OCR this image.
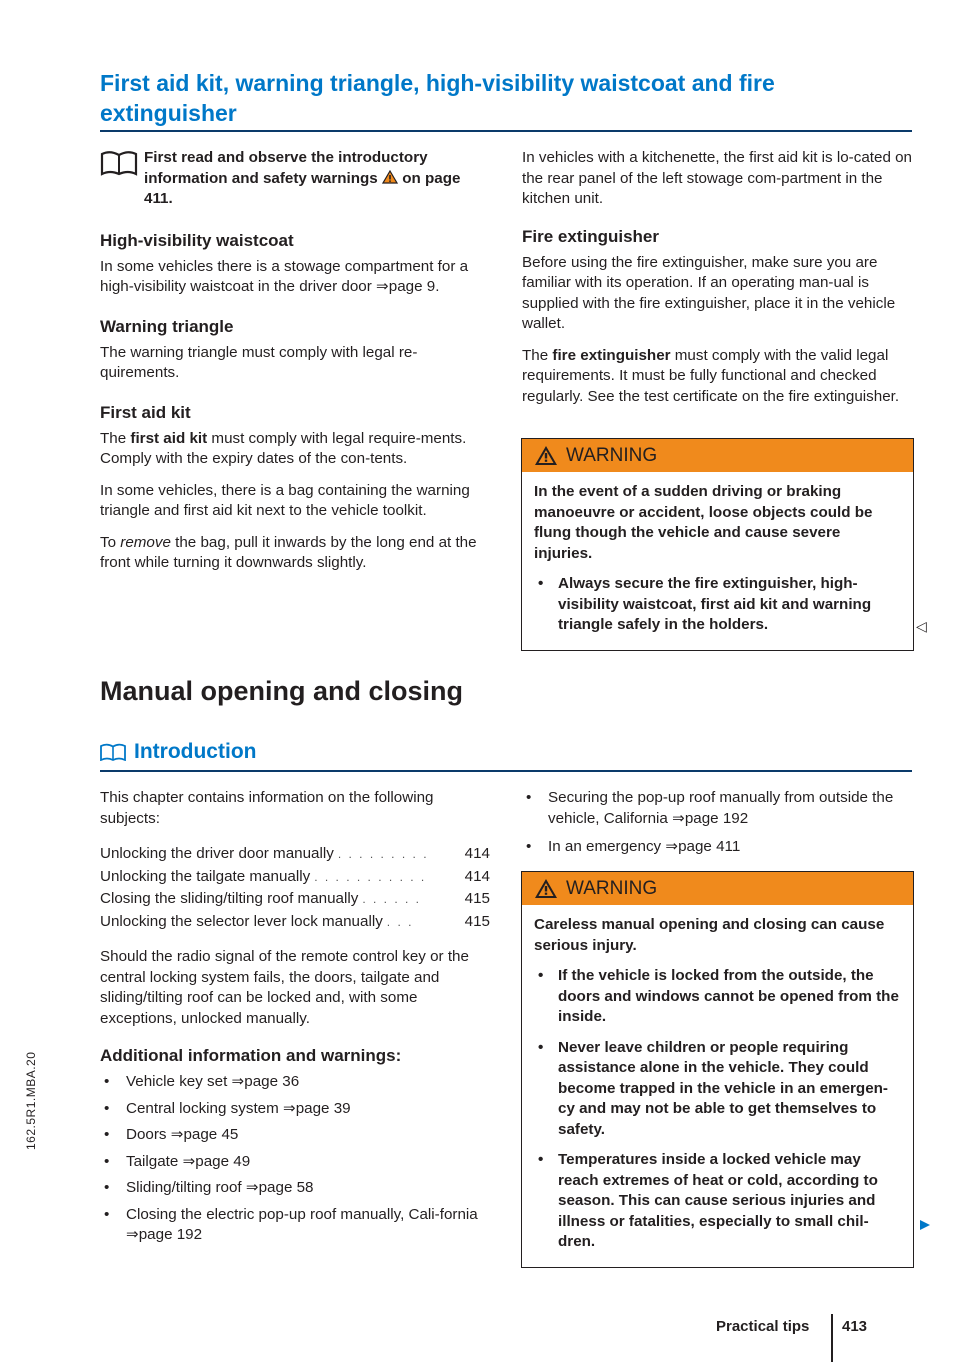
First aid kit, warning triangle, high-visibility waistcoat and fire extinguisher
First read and observe the introductory information and safety warnings on page 411.
High-visibility waistcoat

In some vehicles there is a stowage compartment for a high-visibility waistcoat in the driver door ⇒page 9.

Warning triangle

The warning triangle must comply with legal re-quirements.

First aid kit

The first aid kit must comply with legal require-ments. Comply with the expiry dates of the con-tents.

In some vehicles, there is a bag containing the warning triangle and first aid kit next to the vehicle toolkit.

To remove the bag, pull it inwards by the long end at the front while turning it downwards slightly.

In vehicles with a kitchenette, the first aid kit is lo-cated on the rear panel of the left stowage com-partment in the kitchen unit.

Fire extinguisher

Before using the fire extinguisher, make sure you are familiar with its operation. If an operating man-ual is supplied with the fire extinguisher, place it in the vehicle wallet.

The fire extinguisher must comply with the valid legal requirements. It must be fully functional and checked regularly. See the test certificate on the fire extinguisher.

WARNING

In the event of a sudden driving or braking manoeuvre or accident, loose objects could be flung though the vehicle and cause severe injuries.

• Always secure the fire extinguisher, high-visibility waistcoat, first aid kit and warning triangle safely in the holders.	◁
Manual opening and closing
Introduction

This chapter contains information on the following subjects:

Unlocking the driver door manually . . . . . . . . .	414
Unlocking the tailgate manually . . . . . . . . . . .	414
Closing the sliding/tilting roof manually . . . . . .	415
Unlocking the selector lever lock manually . . .	415

Should the radio signal of the remote control key or the central locking system fails, the doors, tailgate and sliding/tilting roof can be locked and, with some exceptions, unlocked manually.

Additional information and warnings:
• Vehicle key set ⇒page 36
• Central locking system ⇒page 39
• Doors ⇒page 45
• Tailgate ⇒page 49
• Sliding/tilting roof ⇒page 58
• Closing the electric pop-up roof manually, Cali-fornia ⇒page 192
• Securing the pop-up roof manually from outside the vehicle, California ⇒page 192
• In an emergency ⇒page 411
WARNING

Careless manual opening and closing can cause serious injury.

• If the vehicle is locked from the outside, the doors and windows cannot be opened from the inside.
• Never leave children or people requiring assistance alone in the vehicle. They could become trapped in the vehicle in an emergen-cy and may not be able to get themselves to safety.
• Temperatures inside a locked vehicle may reach extremes of heat or cold, according to season. This can cause serious injuries and illness or fatalities, especially to small chil-dren.
162.5R1.MBA.20
Practical tips 413
